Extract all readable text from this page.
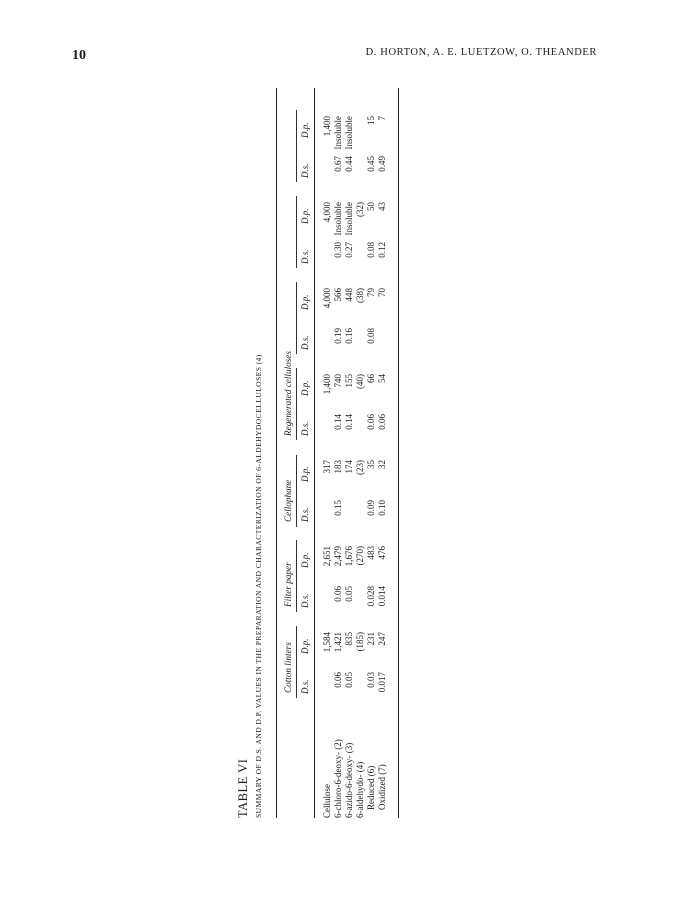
10	D. HORTON, A. E. LUETZOW, O. THEANDER
TABLE VI SUMMARY OF D.S. AND D.P. VALUES IN THE PREPARATION AND CHARACTERIZATION OF 6-ALDEHYDOCELLULOSES (4) Cotton linters
Filter paper
Cellophane
Regenerated celluloses
D.s.
D.p.
D.s.
D.p.
D.s.
D.p.
D.s.
D.p.
D.s.
D.p.
D.s.
D.p.
D.s.
D.p.
Cellulose
1,584
2,651
317
1,400
4,000
4,000
1,400
6-chloro-6-deoxy- (2)
0.06
1,421
0.06
2,479
0.15
183
0.14
740
0.19
566
0.30
Insoluble
0.67
Insoluble
6-azido-6-deoxy- (3)
0.05
835
0.05
1,676
174
0.14
155
0.16
448
0.27
Insoluble
0.44
Insoluble
6-aldehydo- (4)
(185)
(270)
(23)
(40)
(38)
(32)
Reduced (6)
0.03
231
0.028
483
0.09
35
0.06
66
0.08
79
0.08
50
0.45
15
Oxidized (7)
0.017
247
0.014
476
0.10
32
0.06
54
70
0.12
43
0.49
7
